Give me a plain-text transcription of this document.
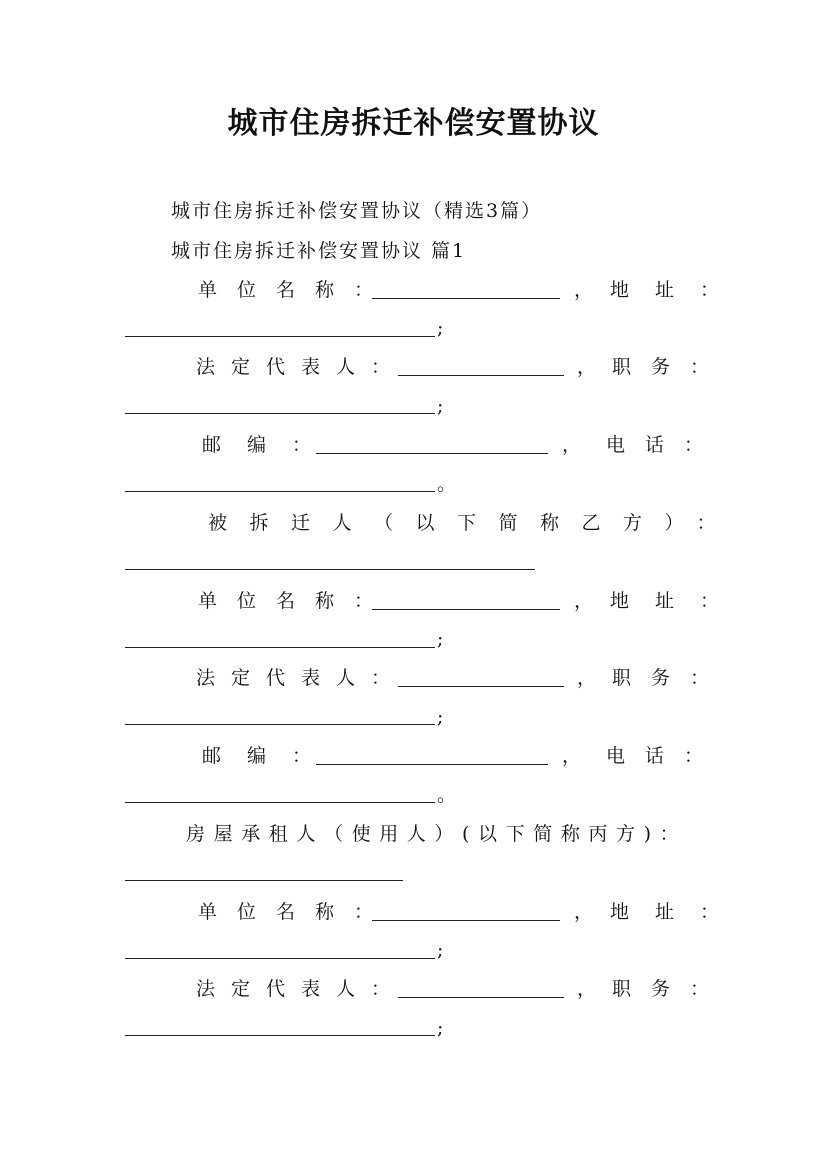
城市住房拆迁补偿安置协议
城市住房拆迁补偿安置协议（精选3篇）
城市住房拆迁补偿安置协议 篇1
单位名称：	， 地址：
;
法定代表人：	， 职务：
;
邮编：	， 电话：
。
被拆迁人（以下简称乙方）：
单位名称：	， 地址：
;
法定代表人：	， 职务：
;
邮编：	， 电话：
。
房屋承租人（使用人）(以下简称丙方)：
单位名称：	， 地址：
;
法定代表人：	， 职务：
;
